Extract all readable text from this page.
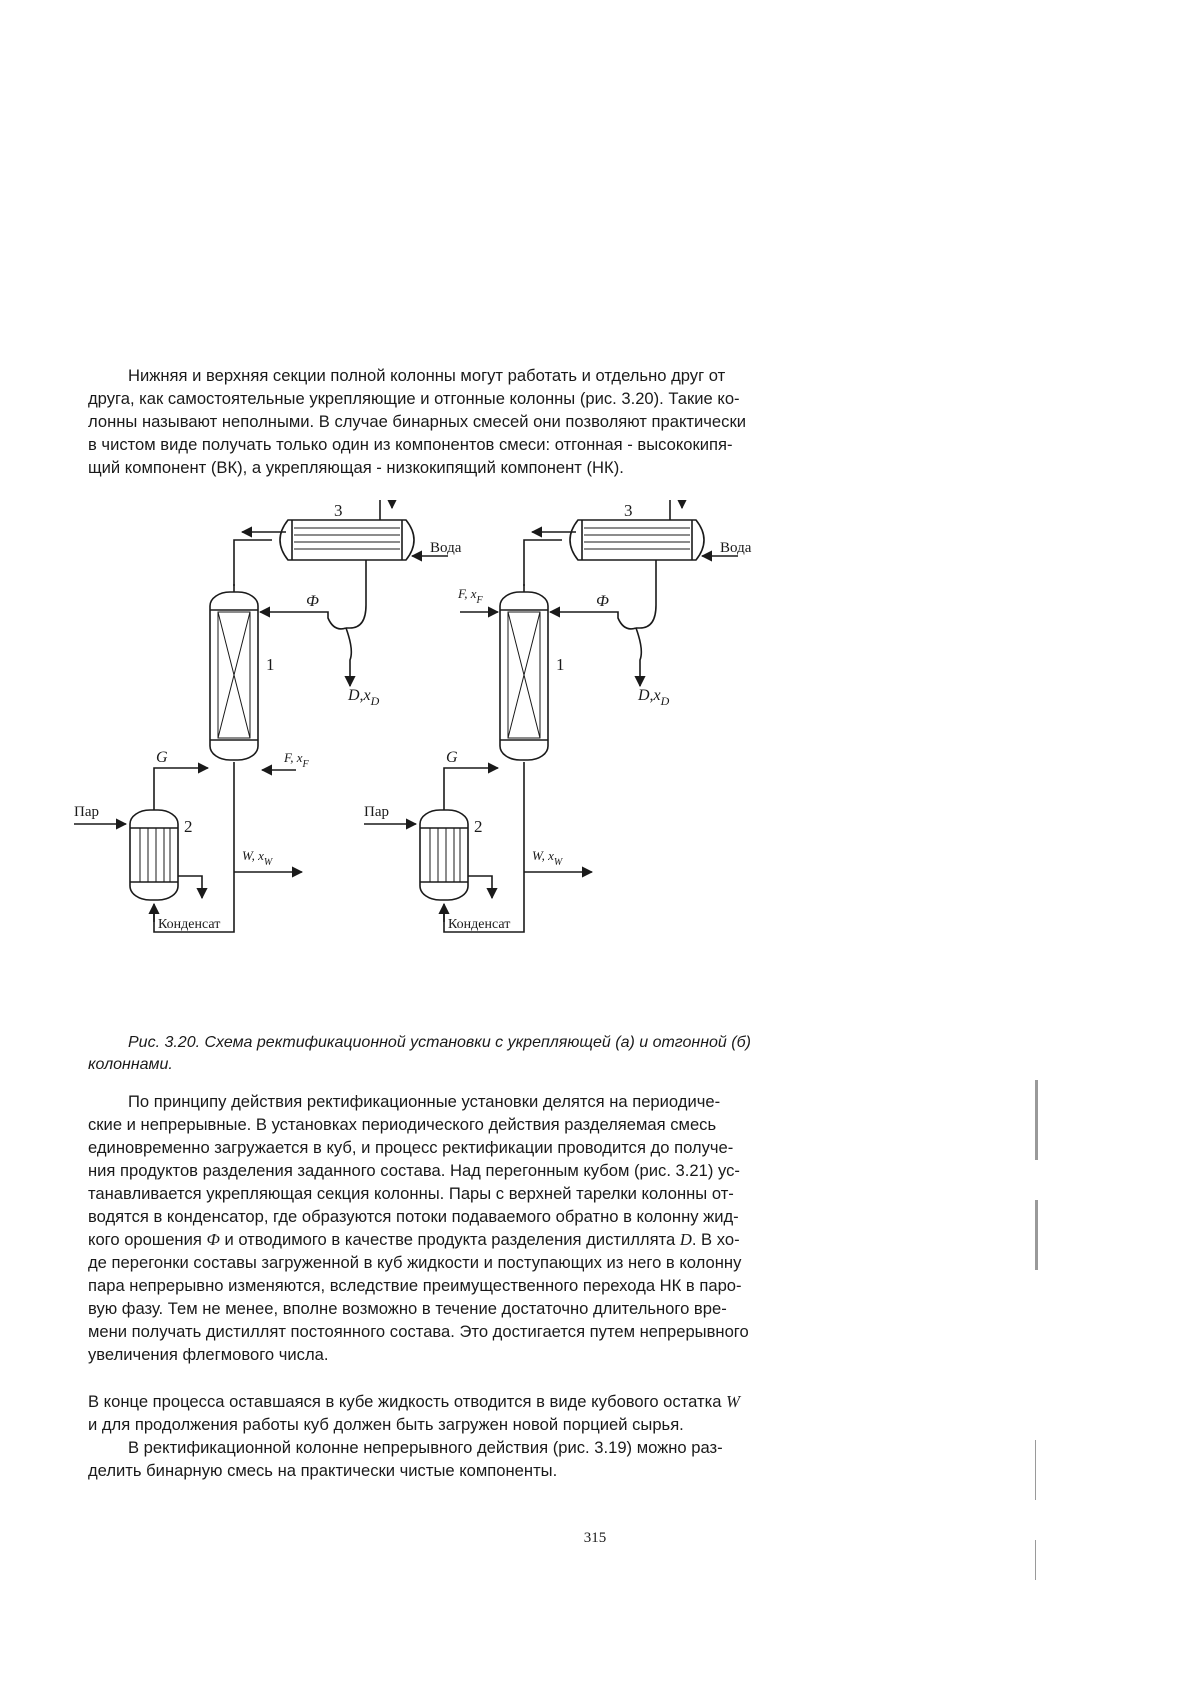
Нижняя и верхняя секции полной колонны могут работать и отдельно друг от
друга, как самостоятельные укрепляющие и отгонные колонны (рис. 3.20). Такие ко-
лонны называют неполными. В случае бинарных смесей они позволяют практически
в чистом виде получать только один из компонентов смеси: отгонная - высококипя-
щий компонент (ВК), а укрепляющая - низкокипящий компонент (НК).

3
Вода
Ф
$D,x_D$
1
G	F, $x_F$
Пар
2
W, $x_W$
Конденсат
3
Вода
Ф
$D,x_D$
1
G
F, $x_F$
Пар
2
W, $x_W$
Конденсат

Рис. 3.20. Схема ректификационной установки с укрепляющей (а) и отгонной (б)
колоннами.

По принципу действия ректификационные установки делятся на периодиче-
ские и непрерывные. В установках периодического действия разделяемая смесь
единовременно загружается в куб, и процесс ректификации проводится до получе-
ния продуктов разделения заданного состава. Над перегонным кубом (рис. 3.21) ус-
танавливается укрепляющая секция колонны. Пары с верхней тарелки колонны от-
водятся в конденсатор, где образуются потоки подаваемого обратно в колонну жид-
кого орошения Ф и отводимого в качестве продукта разделения дистиллята D. В хо-
де перегонки составы загруженной в куб жидкости и поступающих из него в колонну
пара непрерывно изменяются, вследствие преимущественного перехода НК в паро-
вую фазу. Тем не менее, вполне возможно в течение достаточно длительного вре-
мени получать дистиллят постоянного состава. Это достигается путем непрерывного
увеличения флегмового числа.

В конце процесса оставшаяся в кубе жидкость отводится в виде кубового остатка W
и для продолжения работы куб должен быть загружен новой порцией сырья.

В ректификационной колонне непрерывного действия (рис. 3.19) можно раз-
делить бинарную смесь на практически чистые компоненты.

315
